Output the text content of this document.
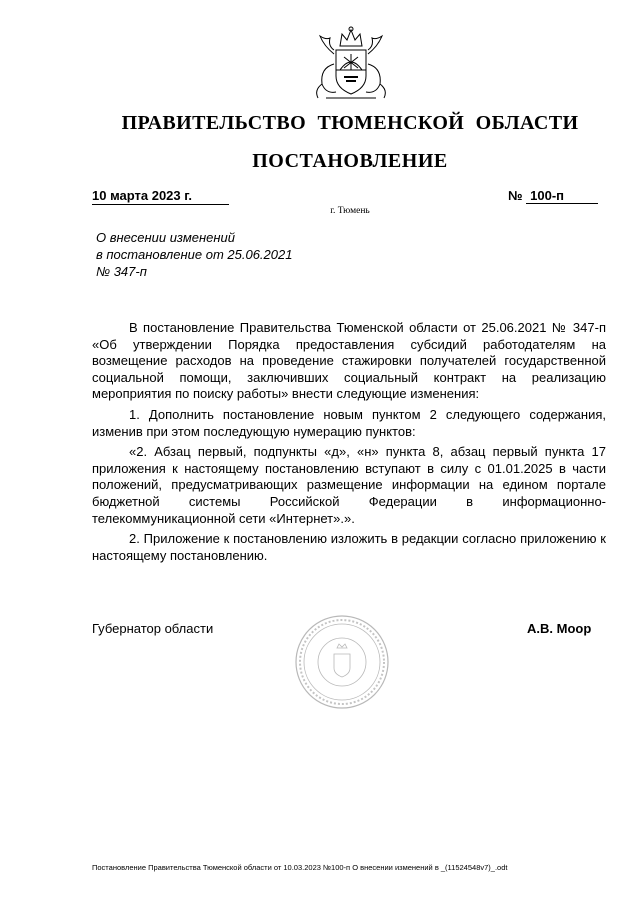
ПРАВИТЕЛЬСТВО ТЮМЕНСКОЙ ОБЛАСТИ
ПОСТАНОВЛЕНИЕ
10 марта 2023 г.	№ 100-п
г. Тюмень
О внесении изменений
в постановление от 25.06.2021
№ 347-п

В постановление Правительства Тюменской области от 25.06.2021 № 347-п «Об утверждении Порядка предоставления субсидий работодателям на возмещение расходов на проведение стажировки получателей государственной социальной помощи, заключивших социальный контракт на реализацию мероприятия по поиску работы» внести следующие изменения:

1. Дополнить постановление новым пунктом 2 следующего содержания, изменив при этом последующую нумерацию пунктов:

«2. Абзац первый, подпункты «д», «н» пункта 8, абзац первый пункта 17 приложения к настоящему постановлению вступают в силу с 01.01.2025 в части положений, предусматривающих размещение информации на едином портале бюджетной системы Российской Федерации в информационно-телекоммуникационной сети «Интернет».».

2. Приложение к постановлению изложить в редакции согласно приложению к настоящему постановлению.

Губернатор области	А.В. Моор
Постановление Правительства Тюменской области от 10.03.2023 №100-п О внесении изменений в _(11524548v7)_.odt
